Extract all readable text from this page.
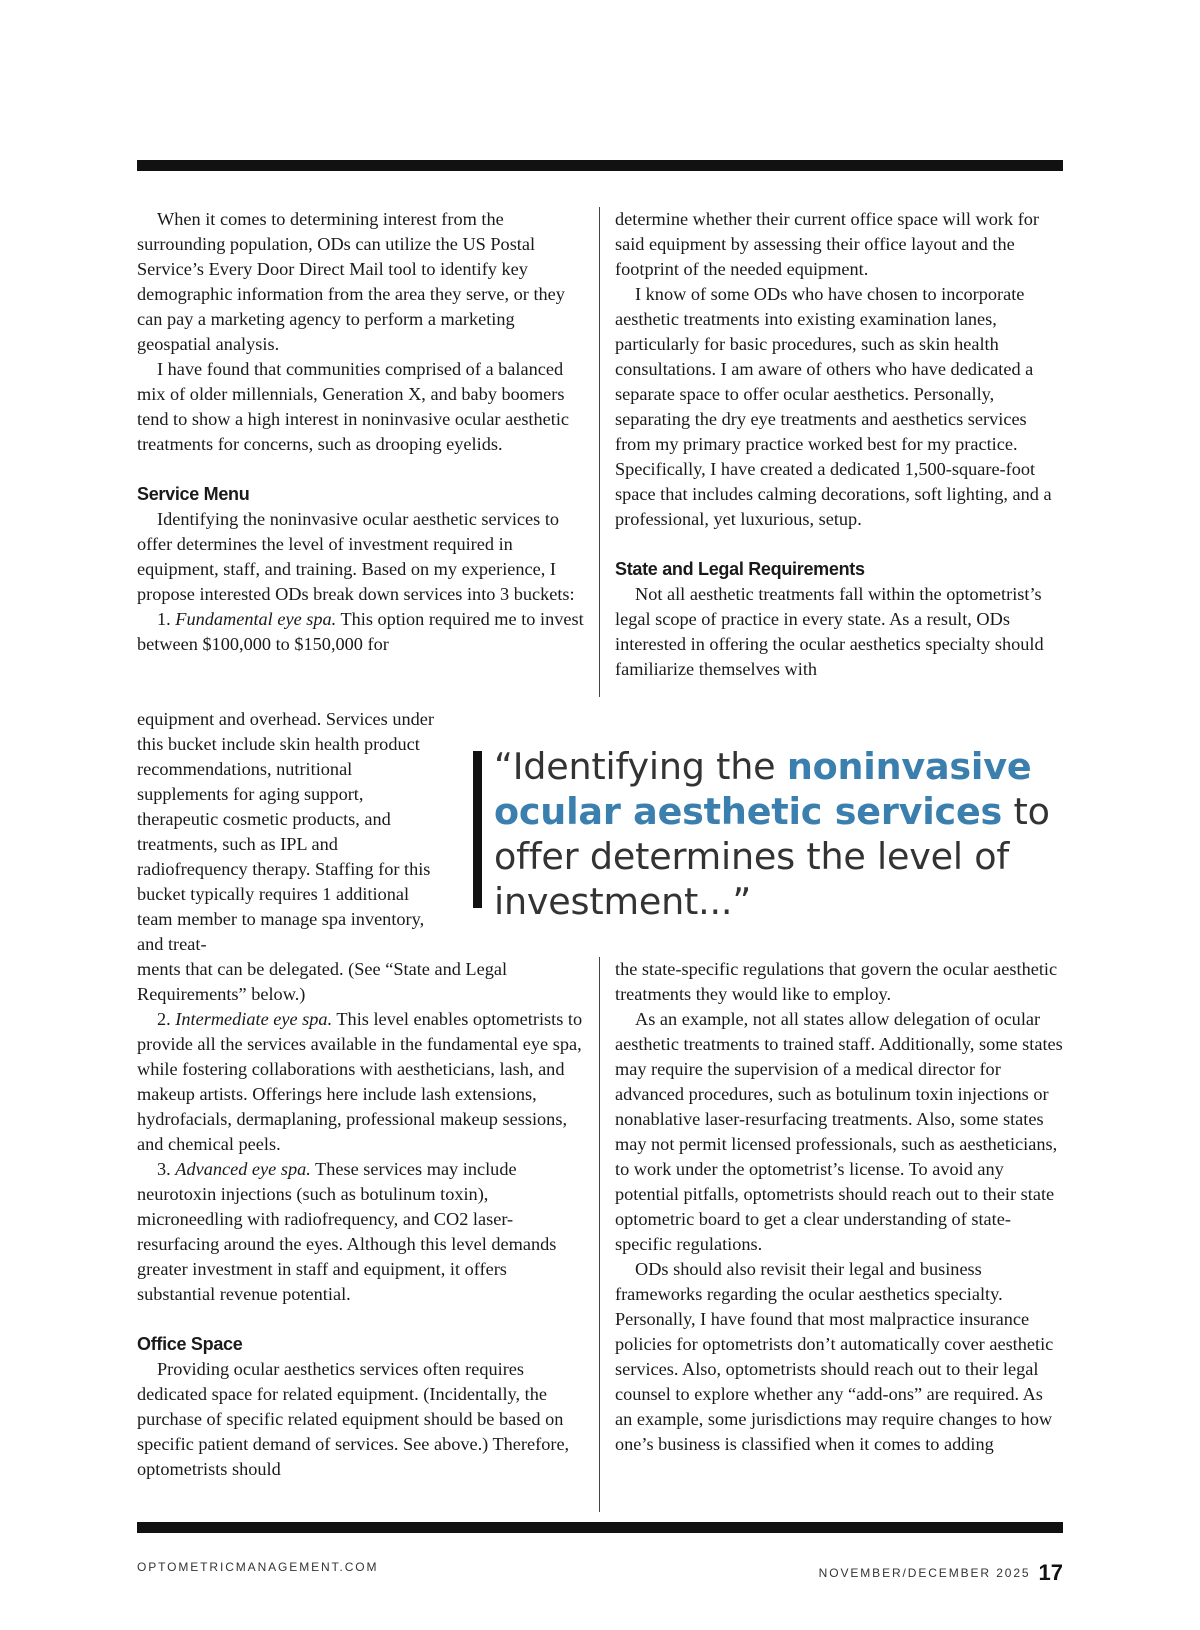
When it comes to determining interest from the surrounding population, ODs can utilize the US Postal Service’s Every Door Direct Mail tool to identify key demographic information from the area they serve, or they can pay a marketing agency to perform a marketing geospatial analysis.

I have found that communities comprised of a balanced mix of older millennials, Generation X, and baby boomers tend to show a high interest in noninvasive ocular aesthetic treatments for concerns, such as drooping eyelids.

Service Menu

Identifying the noninvasive ocular aesthetic services to offer determines the level of investment required in equipment, staff, and training. Based on my experience, I propose interested ODs break down services into 3 buckets:

1. Fundamental eye spa. This option required me to invest between $100,000 to $150,000 for

equipment and overhead. Services under this bucket include skin health product recommendations, nutritional supplements for aging support, therapeutic cosmetic products, and treatments, such as IPL and radiofrequency therapy. Staffing for this bucket typically requires 1 additional team member to manage spa inventory, and treat-

ments that can be delegated. (See “State and Legal Requirements” below.)

2. Intermediate eye spa. This level enables optometrists to provide all the services available in the fundamental eye spa, while fostering collaborations with aestheticians, lash, and makeup artists. Offerings here include lash extensions, hydrofacials, dermaplaning, professional makeup sessions, and chemical peels.

3. Advanced eye spa. These services may include neurotoxin injections (such as botulinum toxin), microneedling with radiofrequency, and CO2 laser-resurfacing around the eyes. Although this level demands greater investment in staff and equipment, it offers substantial revenue potential.

Office Space

Providing ocular aesthetics services often requires dedicated space for related equipment. (Incidentally, the purchase of specific related equipment should be based on specific patient demand of services. See above.) Therefore, optometrists should

determine whether their current office space will work for said equipment by assessing their office layout and the footprint of the needed equipment.

I know of some ODs who have chosen to incorporate aesthetic treatments into existing examination lanes, particularly for basic procedures, such as skin health consultations. I am aware of others who have dedicated a separate space to offer ocular aesthetics. Personally, separating the dry eye treatments and aesthetics services from my primary practice worked best for my practice. Specifically, I have created a dedicated 1,500-square-foot space that includes calming decorations, soft lighting, and a professional, yet luxurious, setup.

State and Legal Requirements

Not all aesthetic treatments fall within the optometrist’s legal scope of practice in every state. As a result, ODs interested in offering the ocular aesthetics specialty should familiarize themselves with

“Identifying the noninvasive ocular aesthetic services to offer determines the level of investment...”

the state-specific regulations that govern the ocular aesthetic treatments they would like to employ.

As an example, not all states allow delegation of ocular aesthetic treatments to trained staff. Additionally, some states may require the supervision of a medical director for advanced procedures, such as botulinum toxin injections or nonablative laser-resurfacing treatments. Also, some states may not permit licensed professionals, such as aestheticians, to work under the optometrist’s license. To avoid any potential pitfalls, optometrists should reach out to their state optometric board to get a clear understanding of state-specific regulations.

ODs should also revisit their legal and business frameworks regarding the ocular aesthetics specialty. Personally, I have found that most malpractice insurance policies for optometrists don’t automatically cover aesthetic services. Also, optometrists should reach out to their legal counsel to explore whether any “add-ons” are required. As an example, some jurisdictions may require changes to how one’s business is classified when it comes to adding

OPTOMETRICMANAGEMENT.COM	NOVEMBER/DECEMBER 2025 17
